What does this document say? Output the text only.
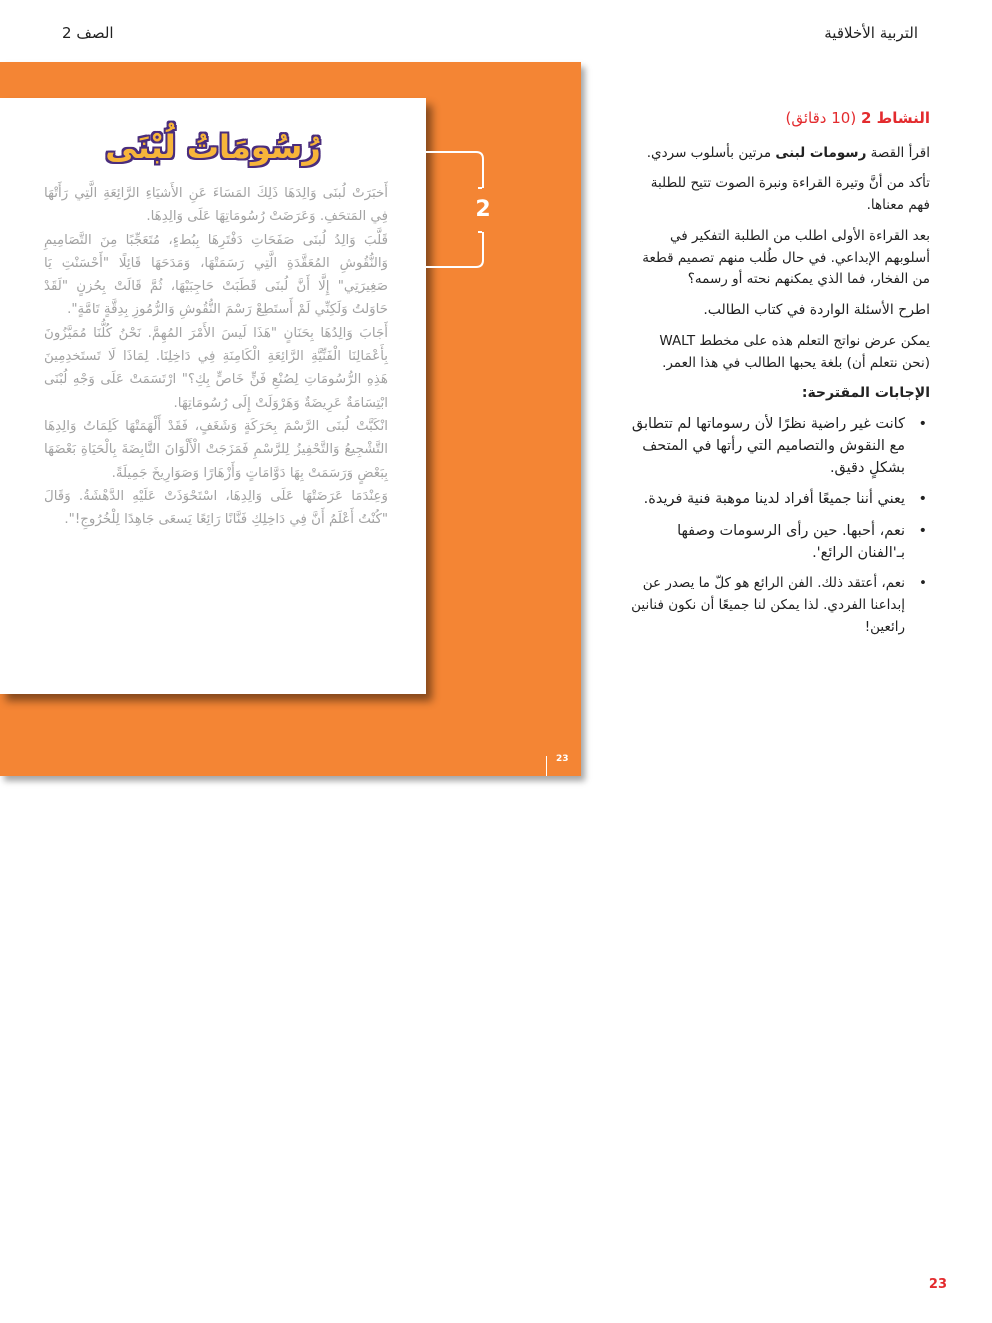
التربية الأخلاقية
الصف 2
رُسُومَاتُ لُبْنَى

أَخبَرَتْ لُبنَى وَالِدَهَا ذَلِكَ المَسَاءَ عَنِ الأَشيَاءِ الرَّائِعَةِ الَّتِي رَأَتْهَا فِي المَتحَفِ. وَعَرَضَتْ رُسُومَاتِهَا عَلَى وَالِدِهَا.

قَلَّبَ وَالِدُ لُبنَى صَفَحَاتِ دَفْتَرِهَا بِبُطءٍ، مُتَعَجِّبًا مِنَ التَّصَامِيمِ وَالنُّقُوشِ المُعَقَّدَةِ الَّتِي رَسَمَتْهَا، وَمَدَحَهَا قَائِلًا "أَحْسَنْتِ يَا صَغِيرَتِي" إِلَّا أَنَّ لُبنَى قَطَبَتْ حَاجِبَيْهَا، ثُمَّ قَالَتْ بِحُزنٍ "لَقَدْ حَاوَلتُ وَلَكِنِّي لَمْ أَستَطِعْ رَسْمَ النُّقُوشِ وَالرُّمُوزِ بِدِقَّةٍ تَامَّةٍ".

أَجَابَ وَالِدُهَا بِحَنَانٍ "هَذَا لَيسَ الأَمْرَ المُهِمَّ. نَحْنُ كُلُّنَا مُمَيَّزُونَ بِأَعْمَالِنَا الْفَنِّيَّةِ الرَّائِعَةِ الْكَامِنَةِ فِي دَاخِلِنَا. لِمَاذَا لَا تَستَخدِمِينَ هَذِهِ الرُّسُومَاتِ لِصُنْعِ فَنٍّ خَاصٍّ بِكِ؟" ارْتَسَمَتْ عَلَى وَجْهِ لُبْنَى ابْتِسَامَةٌ عَرِيضَةٌ وَهَرْوَلَتْ إِلَى رُسُومَاتِهَا.

انْكَبَّتْ لُبنَى الرَّسْمَ بِحَرَكَةٍ وَشَغَفٍ، فَقَدْ أَلْهَمَتْهَا كَلِمَاتُ وَالِدِهَا التَّشْجِيعُ وَالتَّحْفِيزُ لِلرَّسْمِ فَمَزَجَتْ الْأَلْوَانَ النَّابِضَةَ بِالْحَيَاةِ بَعْضَهَا بِبَعْضٍ وَرَسَمَتْ بِهَا دَوَّامَاتٍ وَأَزْهَارًا وَصَوَارِيخَ جَمِيلَةً.

وَعِنْدَمَا عَرَضَتْهَا عَلَى وَالِدِهَا، اسْتَحْوَذَتْ عَلَيْهِ الدَّهْشَةُ. وَقَالَ "كُنْتُ أَعْلَمُ أَنَّ فِي دَاخِلِكِ فَنَّانًا رَائِعًا يَسعَى جَاهِدًا لِلْخُرُوجِ!".

2
23
النشاط 2 (10 دقائق)
اقرأ القصة رسومات لبنى مرتين بأسلوب سردي.
تأكد من أنَّ وتيرة القراءة ونبرة الصوت تتيح للطلبة فهم معناها.
بعد القراءة الأولى اطلب من الطلبة التفكير في أسلوبهم الإبداعي. في حال طُلب منهم تصميم قطعة من الفخار، فما الذي يمكنهم نحته أو رسمه؟
اطرح الأسئلة الواردة في كتاب الطالب.
يمكن عرض نواتج التعلم هذه على مخطط WALT (نحن نتعلم أن) بلغة يحبها الطالب في هذا العمر.
الإجابات المقترحة:
•
كانت غير راضية نظرًا لأن رسوماتها لم تتطابق مع النقوش والتصاميم التي رأتها في المتحف بشكلٍ دقيق.
•
يعني أننا جميعًا أفراد لدينا موهبة فنية فريدة.
•
نعم، أحبها. حين رأى الرسومات وصفها بـ'الفنان الرائع'.
•
نعم، أعتقد ذلك. الفن الرائع هو كلّ ما يصدر عن إبداعنا الفردي. لذا يمكن لنا جميعًا أن نكون فنانين رائعين!
23
